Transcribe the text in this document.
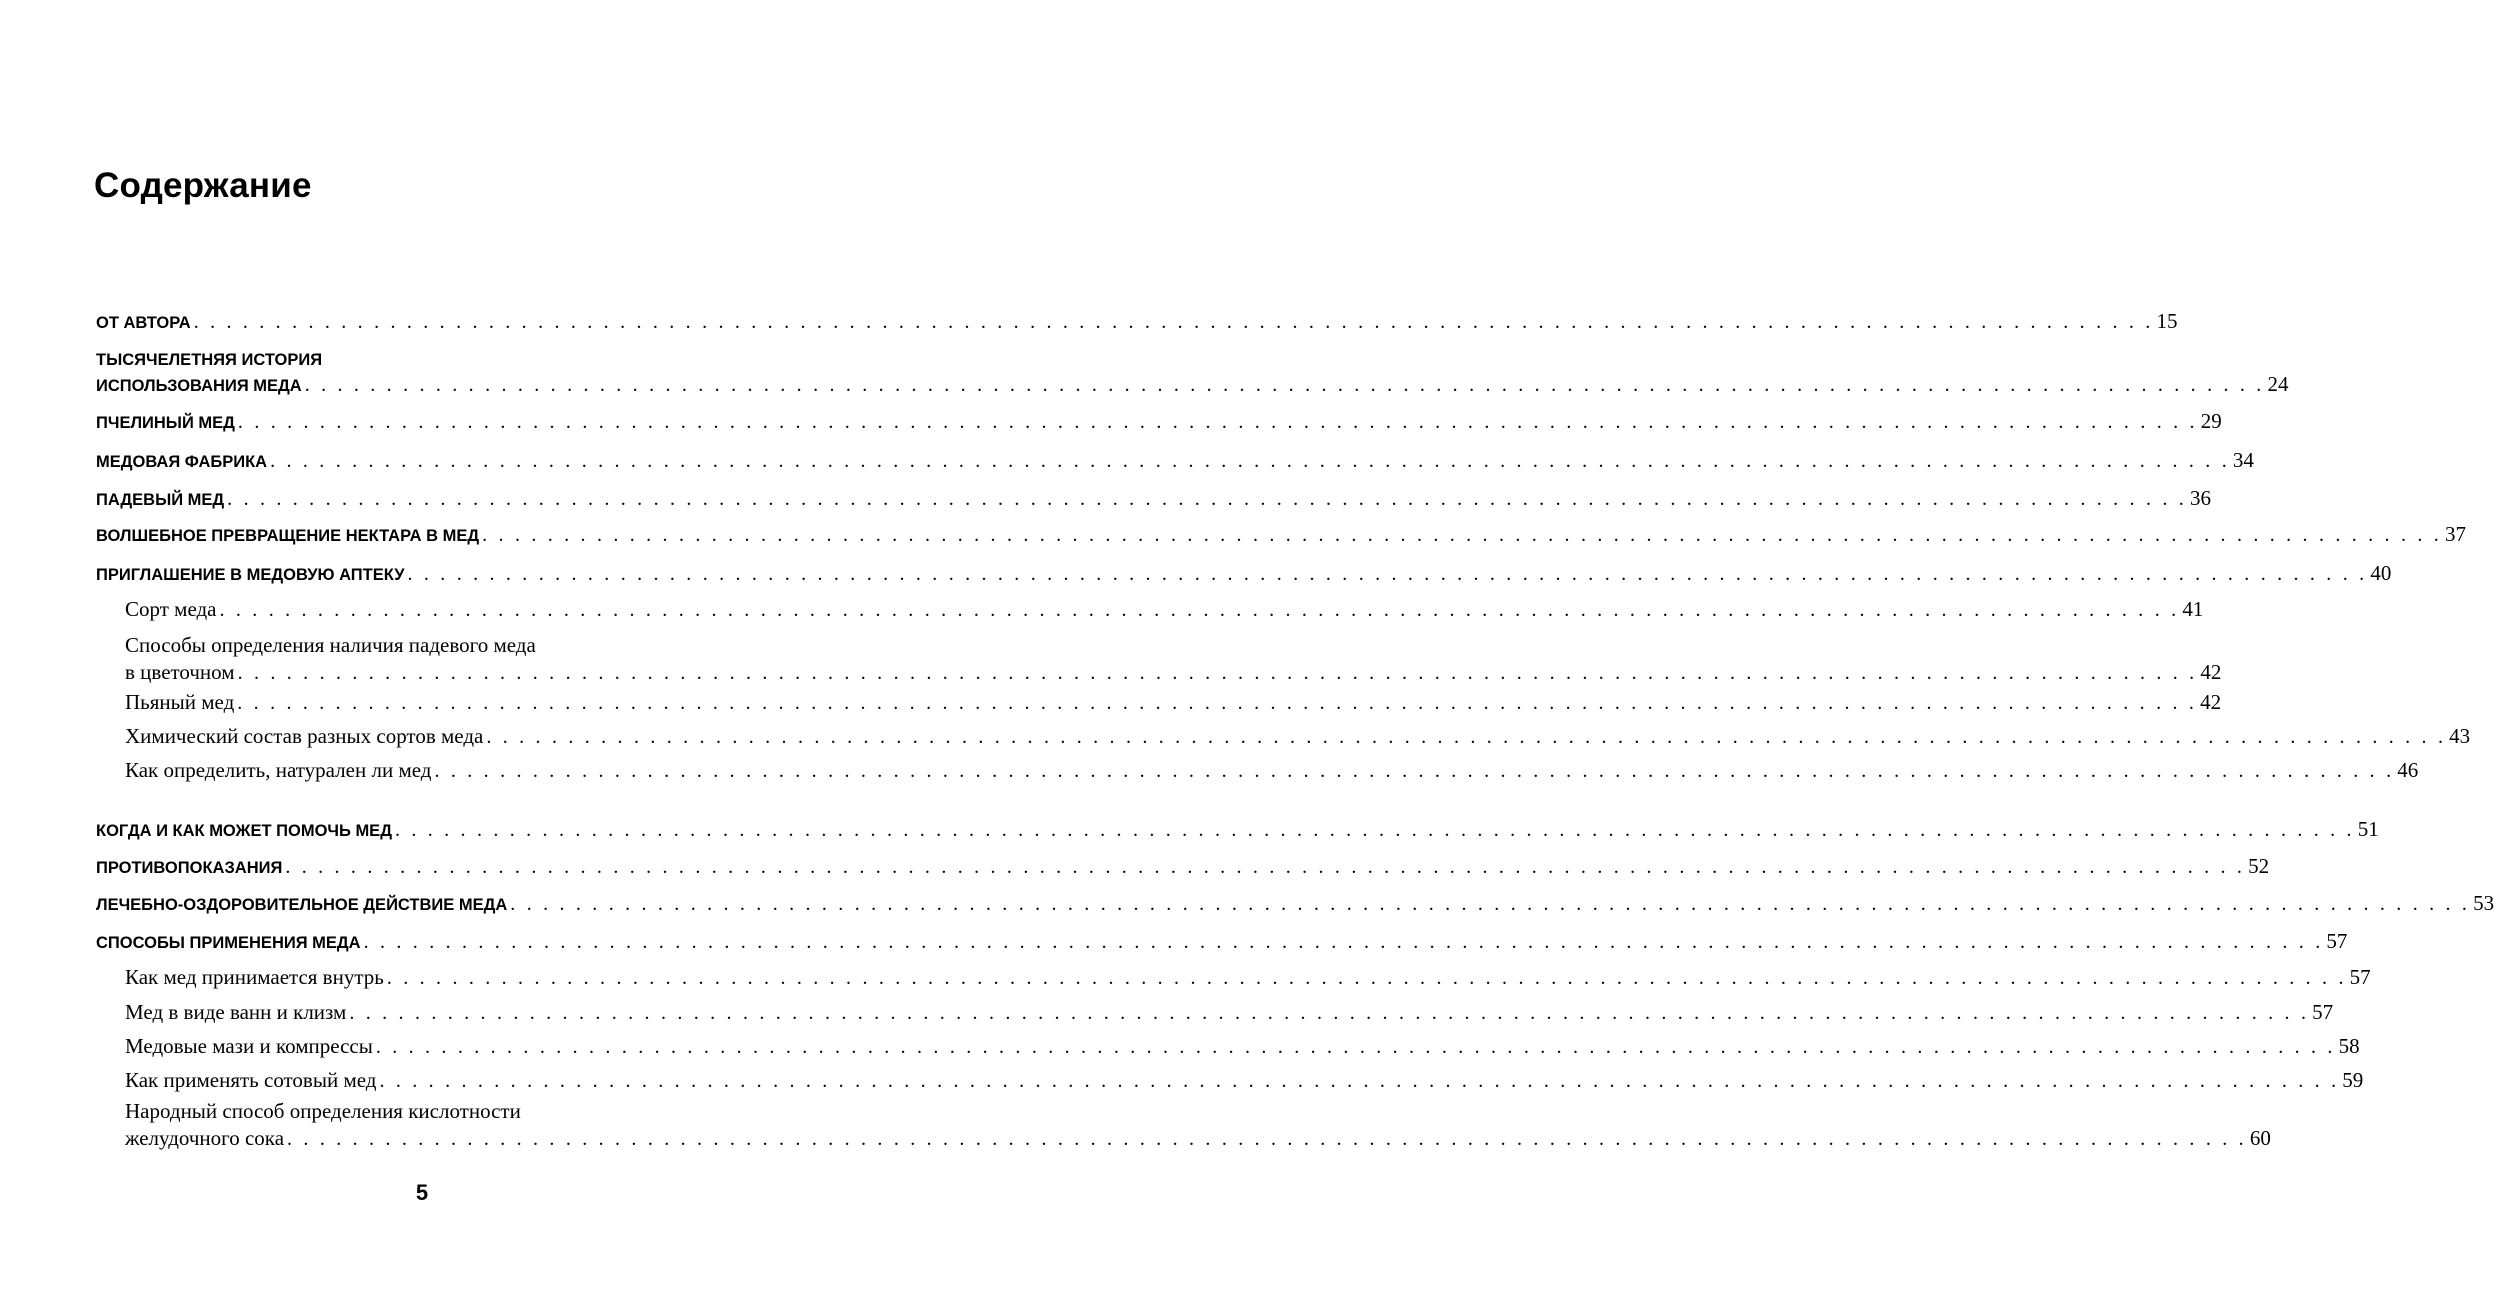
Содержание
ОТ АВТОРА . . . . . . . . . . . . . . . . . . . . . . . . . . . . . . . . . . . . . . . . . . . . . . . . . . . . . . . . . . . . . . . . . . . . . . . . . . . . . . . . . . . . . . . . . . . . . . . . . . . . . . . . . . . . . . . . . . . . . . . . 15
ТЫСЯЧЕЛЕТНЯЯ ИСТОРИЯ
ИСПОЛЬЗОВАНИЯ МЕДА . . . . . . . . . . . . . . . . . . . . . . . . . . . . . . . . . . . . . . . . . . . . . . . . . . . . . . . . . . . . . . . . . . . . . . . . . . . . . . . . . . . . . . . . . . . . . . . . . . . . . . . . . . . . . . . . . . . . . . . . 24
ПЧЕЛИНЫЙ МЕД . . . . . . . . . . . . . . . . . . . . . . . . . . . . . . . . . . . . . . . . . . . . . . . . . . . . . . . . . . . . . . . . . . . . . . . . . . . . . . . . . . . . . . . . . . . . . . . . . . . . . . . . . . . . . . . . . . . . . . . . 29
МЕДОВАЯ ФАБРИКА . . . . . . . . . . . . . . . . . . . . . . . . . . . . . . . . . . . . . . . . . . . . . . . . . . . . . . . . . . . . . . . . . . . . . . . . . . . . . . . . . . . . . . . . . . . . . . . . . . . . . . . . . . . . . . . . . . . . . . . . 34
ПАДЕВЫЙ МЕД . . . . . . . . . . . . . . . . . . . . . . . . . . . . . . . . . . . . . . . . . . . . . . . . . . . . . . . . . . . . . . . . . . . . . . . . . . . . . . . . . . . . . . . . . . . . . . . . . . . . . . . . . . . . . . . . . . . . . . . . 36
ВОЛШЕБНОЕ ПРЕВРАЩЕНИЕ НЕКТАРА В МЕД . . . . . . . . . . . . . . . . . . . . . . . . . . . . . . . . . . . . . . . . . . . . . . . . . . . . . . . . . . . . . . . . . . . . . . . . . . . . . . . . . . . . . . . . . . . . . . . . . . . . . . . . . . . . . . . . . . . . . . . . 37
ПРИГЛАШЕНИЕ В МЕДОВУЮ АПТЕКУ . . . . . . . . . . . . . . . . . . . . . . . . . . . . . . . . . . . . . . . . . . . . . . . . . . . . . . . . . . . . . . . . . . . . . . . . . . . . . . . . . . . . . . . . . . . . . . . . . . . . . . . . . . . . . . . . . . . . . . . . 40
Сорт меда . . . . . . . . . . . . . . . . . . . . . . . . . . . . . . . . . . . . . . . . . . . . . . . . . . . . . . . . . . . . . . . . . . . . . . . . . . . . . . . . . . . . . . . . . . . . . . . . . . . . . . . . . . . . . . . . . . . . . . . . 41
Способы определения наличия падевого меда
в цветочном . . . . . . . . . . . . . . . . . . . . . . . . . . . . . . . . . . . . . . . . . . . . . . . . . . . . . . . . . . . . . . . . . . . . . . . . . . . . . . . . . . . . . . . . . . . . . . . . . . . . . . . . . . . . . . . . . . . . . . . . 42
Пьяный мед . . . . . . . . . . . . . . . . . . . . . . . . . . . . . . . . . . . . . . . . . . . . . . . . . . . . . . . . . . . . . . . . . . . . . . . . . . . . . . . . . . . . . . . . . . . . . . . . . . . . . . . . . . . . . . . . . . . . . . . . 42
Химический состав разных сортов меда . . . . . . . . . . . . . . . . . . . . . . . . . . . . . . . . . . . . . . . . . . . . . . . . . . . . . . . . . . . . . . . . . . . . . . . . . . . . . . . . . . . . . . . . . . . . . . . . . . . . . . . . . . . . . . . . . . . . . . . . 43
Как определить, натурален ли мед . . . . . . . . . . . . . . . . . . . . . . . . . . . . . . . . . . . . . . . . . . . . . . . . . . . . . . . . . . . . . . . . . . . . . . . . . . . . . . . . . . . . . . . . . . . . . . . . . . . . . . . . . . . . . . . . . . . . . . . . 46
КОГДА И КАК МОЖЕТ ПОМОЧЬ МЕД . . . . . . . . . . . . . . . . . . . . . . . . . . . . . . . . . . . . . . . . . . . . . . . . . . . . . . . . . . . . . . . . . . . . . . . . . . . . . . . . . . . . . . . . . . . . . . . . . . . . . . . . . . . . . . . . . . . . . . . . 51
ПРОТИВОПОКАЗАНИЯ . . . . . . . . . . . . . . . . . . . . . . . . . . . . . . . . . . . . . . . . . . . . . . . . . . . . . . . . . . . . . . . . . . . . . . . . . . . . . . . . . . . . . . . . . . . . . . . . . . . . . . . . . . . . . . . . . . . . . . . . 52
ЛЕЧЕБНО-ОЗДОРОВИТЕЛЬНОЕ ДЕЙСТВИЕ МЕДА . . . . . . . . . . . . . . . . . . . . . . . . . . . . . . . . . . . . . . . . . . . . . . . . . . . . . . . . . . . . . . . . . . . . . . . . . . . . . . . . . . . . . . . . . . . . . . . . . . . . . . . . . . . . . . . . . . . . . . . . 53
СПОСОБЫ ПРИМЕНЕНИЯ МЕДА . . . . . . . . . . . . . . . . . . . . . . . . . . . . . . . . . . . . . . . . . . . . . . . . . . . . . . . . . . . . . . . . . . . . . . . . . . . . . . . . . . . . . . . . . . . . . . . . . . . . . . . . . . . . . . . . . . . . . . . . 57
Как мед принимается внутрь . . . . . . . . . . . . . . . . . . . . . . . . . . . . . . . . . . . . . . . . . . . . . . . . . . . . . . . . . . . . . . . . . . . . . . . . . . . . . . . . . . . . . . . . . . . . . . . . . . . . . . . . . . . . . . . . . . . . . . . . 57
Мед в виде ванн и клизм . . . . . . . . . . . . . . . . . . . . . . . . . . . . . . . . . . . . . . . . . . . . . . . . . . . . . . . . . . . . . . . . . . . . . . . . . . . . . . . . . . . . . . . . . . . . . . . . . . . . . . . . . . . . . . . . . . . . . . . . 57
Медовые мази и компрессы . . . . . . . . . . . . . . . . . . . . . . . . . . . . . . . . . . . . . . . . . . . . . . . . . . . . . . . . . . . . . . . . . . . . . . . . . . . . . . . . . . . . . . . . . . . . . . . . . . . . . . . . . . . . . . . . . . . . . . . . 58
Как применять сотовый мед . . . . . . . . . . . . . . . . . . . . . . . . . . . . . . . . . . . . . . . . . . . . . . . . . . . . . . . . . . . . . . . . . . . . . . . . . . . . . . . . . . . . . . . . . . . . . . . . . . . . . . . . . . . . . . . . . . . . . . . . 59
Народный способ определения кислотности
желудочного сока . . . . . . . . . . . . . . . . . . . . . . . . . . . . . . . . . . . . . . . . . . . . . . . . . . . . . . . . . . . . . . . . . . . . . . . . . . . . . . . . . . . . . . . . . . . . . . . . . . . . . . . . . . . . . . . . . . . . . . . . 60
5
